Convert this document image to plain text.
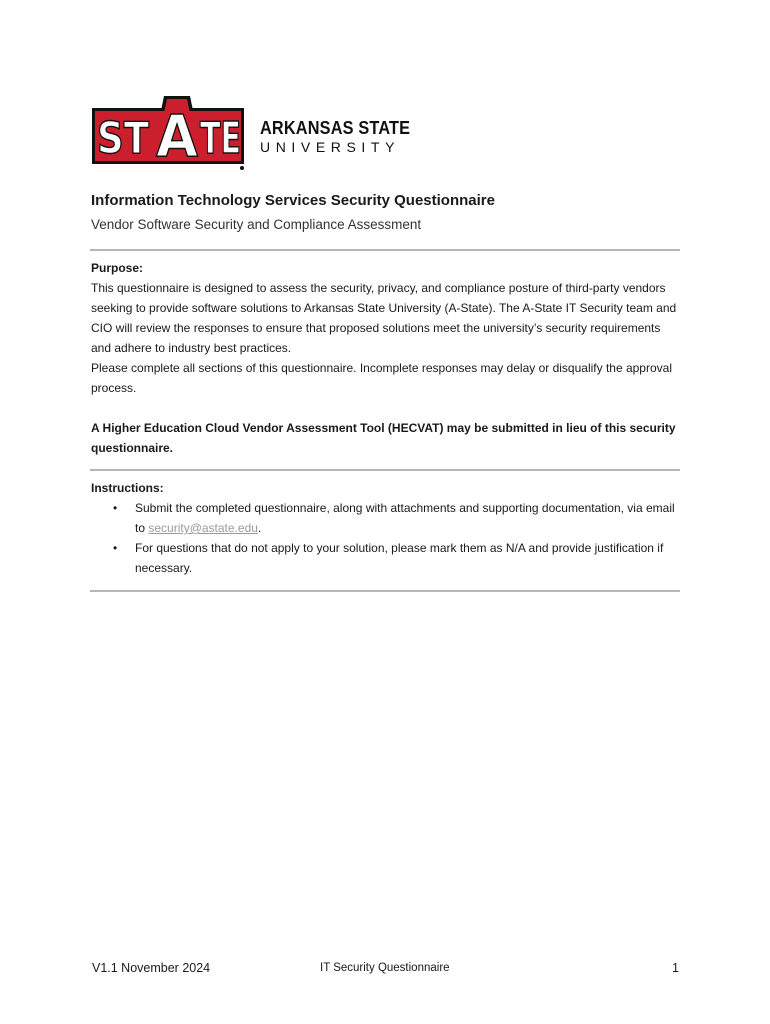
ST A TE ARKANSAS STATE
UNIVERSITY
Information Technology Services Security Questionnaire
Vendor Software Security and Compliance Assessment

Purpose:

This questionnaire is designed to assess the security, privacy, and compliance posture of third-party vendors seeking to provide software solutions to Arkansas State University (A-State). The A-State IT Security team and CIO will review the responses to ensure that proposed solutions meet the university’s security requirements and adhere to industry best practices.

Please complete all sections of this questionnaire. Incomplete responses may delay or disqualify the approval process.

A Higher Education Cloud Vendor Assessment Tool (HECVAT) may be submitted in lieu of this security questionnaire.

Instructions:

• Submit the completed questionnaire, along with attachments and supporting documentation, via email to security@astate.edu.
• For questions that do not apply to your solution, please mark them as N/A and provide justification if necessary.
V1.1 November 2024	IT Security Questionnaire	1
